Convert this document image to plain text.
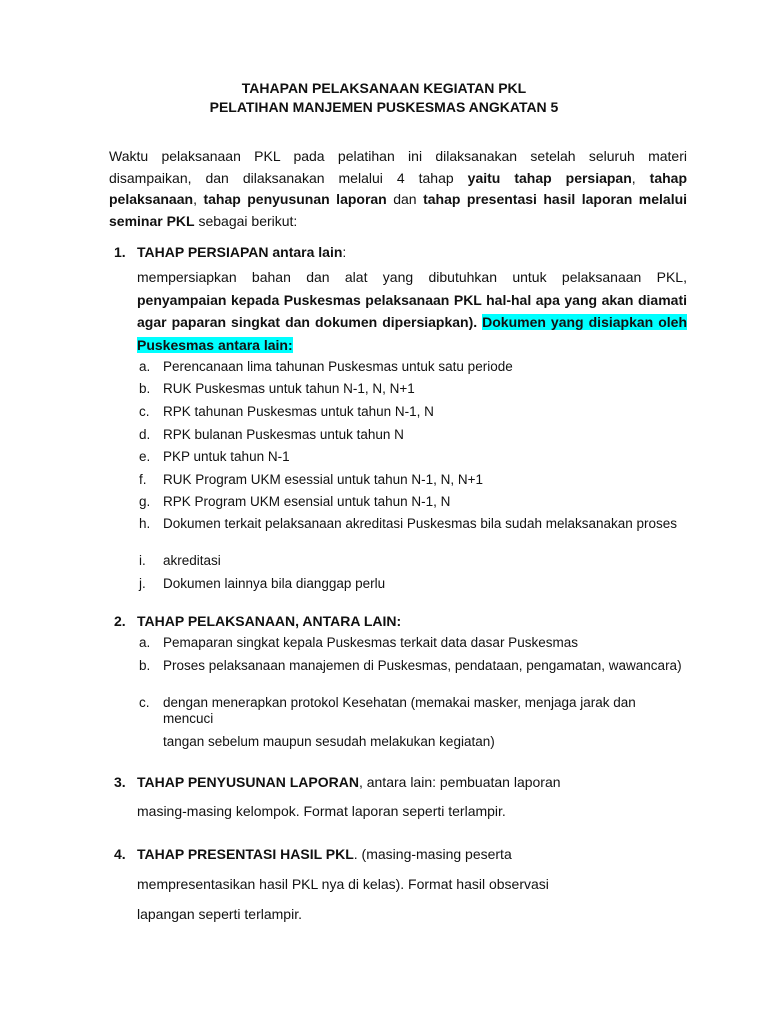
TAHAPAN PELAKSANAAN KEGIATAN PKL
PELATIHAN MANJEMEN PUSKESMAS ANGKATAN 5
Waktu pelaksanaan PKL pada pelatihan ini dilaksanakan setelah seluruh materi disampaikan, dan dilaksanakan melalui 4 tahap yaitu tahap persiapan, tahap pelaksanaan, tahap penyusunan laporan dan tahap presentasi hasil laporan melalui seminar PKL sebagai berikut:
1. TAHAP PERSIAPAN antara lain:
mempersiapkan bahan dan alat yang dibutuhkan untuk pelaksanaan PKL, penyampaian kepada Puskesmas pelaksanaan PKL hal-hal apa yang akan diamati agar paparan singkat dan dokumen dipersiapkan). Dokumen yang disiapkan oleh Puskesmas antara lain:
a. Perencanaan lima tahunan Puskesmas untuk satu periode
b. RUK Puskesmas untuk tahun N-1, N, N+1
c. RPK tahunan Puskesmas untuk tahun N-1, N
d. RPK bulanan Puskesmas untuk tahun N
e. PKP untuk tahun N-1
f. RUK Program UKM esessial untuk tahun N-1, N, N+1
g. RPK Program UKM esensial untuk tahun N-1, N
h. Dokumen terkait pelaksanaan akreditasi Puskesmas bila sudah melaksanakan proses
i. akreditasi
j. Dokumen lainnya bila dianggap perlu
2. TAHAP PELAKSANAAN, ANTARA LAIN:
a. Pemaparan singkat kepala Puskesmas terkait data dasar Puskesmas
b. Proses pelaksanaan manajemen di Puskesmas, pendataan, pengamatan, wawancara)
c. dengan menerapkan protokol Kesehatan (memakai masker, menjaga jarak dan mencuci
tangan sebelum maupun sesudah melakukan kegiatan)
3. TAHAP PENYUSUNAN LAPORAN, antara lain: pembuatan laporan
masing-masing kelompok. Format laporan seperti terlampir.
4. TAHAP PRESENTASI HASIL PKL. (masing-masing peserta
mempresentasikan hasil PKL nya di kelas). Format hasil observasi
lapangan seperti terlampir.
